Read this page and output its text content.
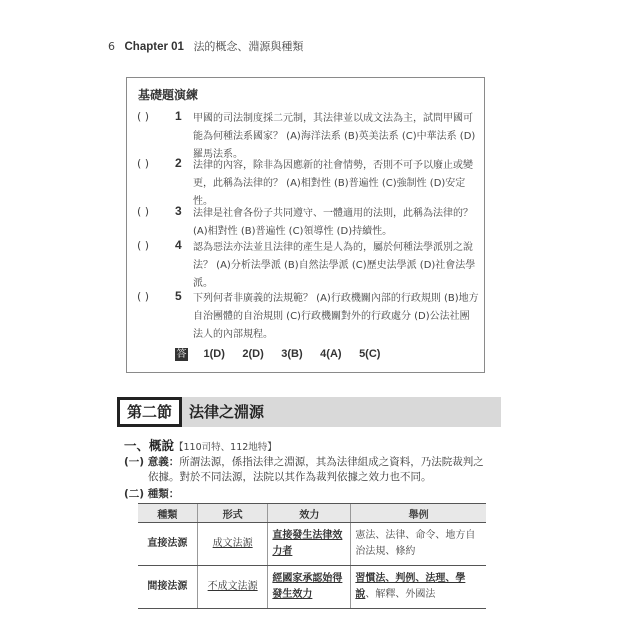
6 Chapter 01 法的概念、淵源與種類
基礎題演練
( ) 1 甲國的司法制度採二元制，其法律並以成文法為主，試問甲國可能為何種法系國家？ (A)海洋法系 (B)英美法系 (C)中華法系 (D)羅馬法系。
( ) 2 法律的內容，除非為因應新的社會情勢，否則不可予以廢止或變更，此稱為法律的？ (A)相對性 (B)普遍性 (C)強制性 (D)安定性。
( ) 3 法律是社會各份子共同遵守、一體適用的法則，此稱為法律的？ (A)相對性 (B)普遍性 (C)領導性 (D)持續性。
( ) 4 認為惡法亦法並且法律的產生是人為的，屬於何種法學派別之說法？ (A)分析法學派 (B)自然法學派 (C)歷史法學派 (D)社會法學派。
( ) 5 下列何者非廣義的法規範？ (A)行政機關內部的行政規則 (B)地方自治團體的自治規則 (C)行政機關對外的行政處分 (D)公法社團法人的內部規程。
答 1(D) 2(D) 3(B) 4(A) 5(C)
第二節	法律之淵源
一、概說【110司特、112地特】
(一) 意義：所謂法源，係指法律之淵源，其為法律組成之資料，乃法院裁判之
依據。對於不同法源，法院以其作為裁判依據之效力也不同。
(二) 種類：
種類	形式	效力	舉例
直接法源	成文法源	直接發生法律效力者	憲法、法律、命令、地方自治法規、條約
間接法源	不成文法源	經國家承認始得發生效力	習慣法、判例、法理、學說、解釋、外國法
